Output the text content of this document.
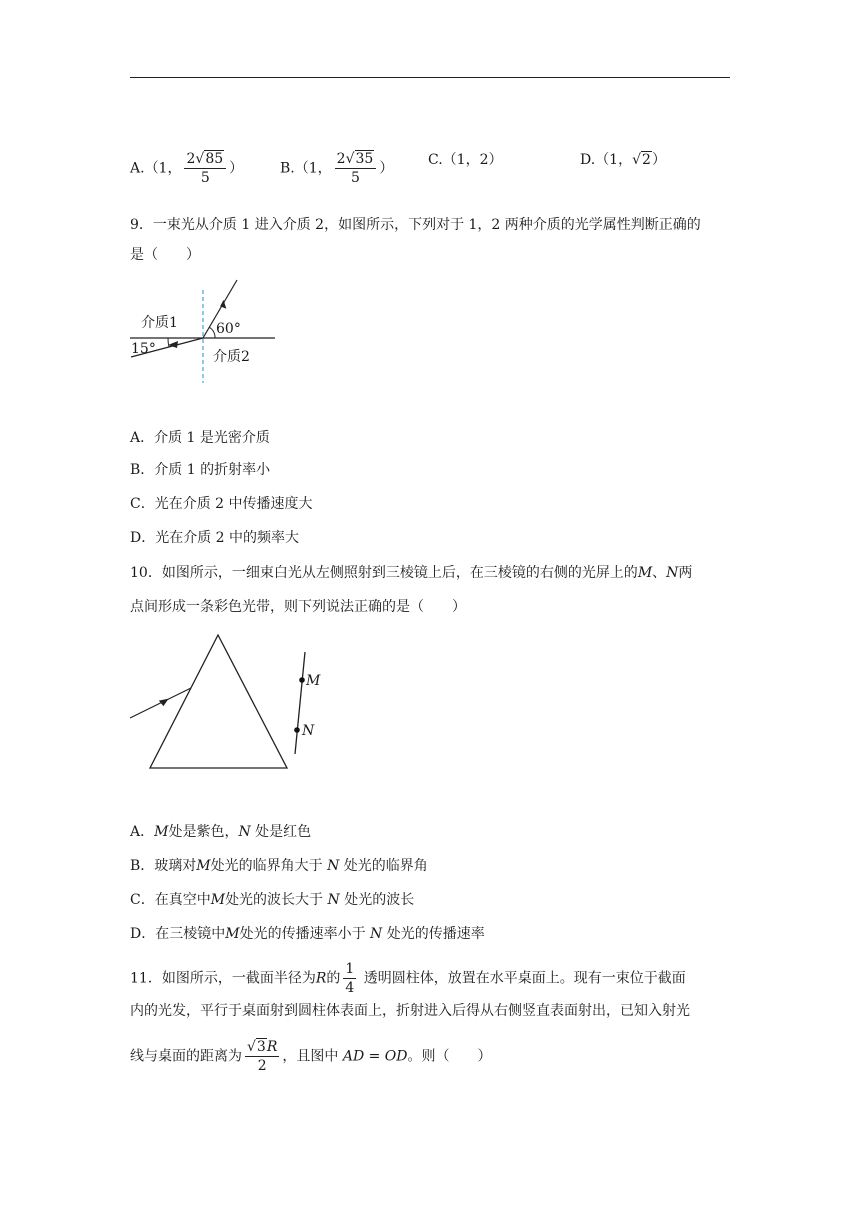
A.（1， $\frac{2√85}{5}$ ）	B.（1， $\frac{2√35}{5}$ ）
C.（1，2）	D.（1，√2）
9．一束光从介质 1 进入介质 2，如图所示，下列对于 1，2 两种介质的光学属性判断正确的
是（　　）
介质1
介质2
60°
15°
A．介质 1 是光密介质
B．介质 1 的折射率小
C．光在介质 2 中传播速度大
D．光在介质 2 中的频率大
10．如图所示，一细束白光从左侧照射到三棱镜上后，在三棱镜的右侧的光屏上的M、N两
点间形成一条彩色光带，则下列说法正确的是（　　）
M
N
A．M处是紫色，N 处是红色
B．玻璃对M处光的临界角大于 N 处光的临界角
C．在真空中M处光的波长大于 N 处光的波长
D．在三棱镜中M处光的传播速率小于 N 处光的传播速率
11．如图所示，一截面半径为R的 $\frac{1}{4}$ 透明圆柱体，放置在水平桌面上。现有一束位于截面
内的光发，平行于桌面射到圆柱体表面上，折射进入后得从右侧竖直表面射出，已知入射光
线与桌面的距离为 $\frac{√3R}{2}$ ，且图中 AD = OD。则（　　）
